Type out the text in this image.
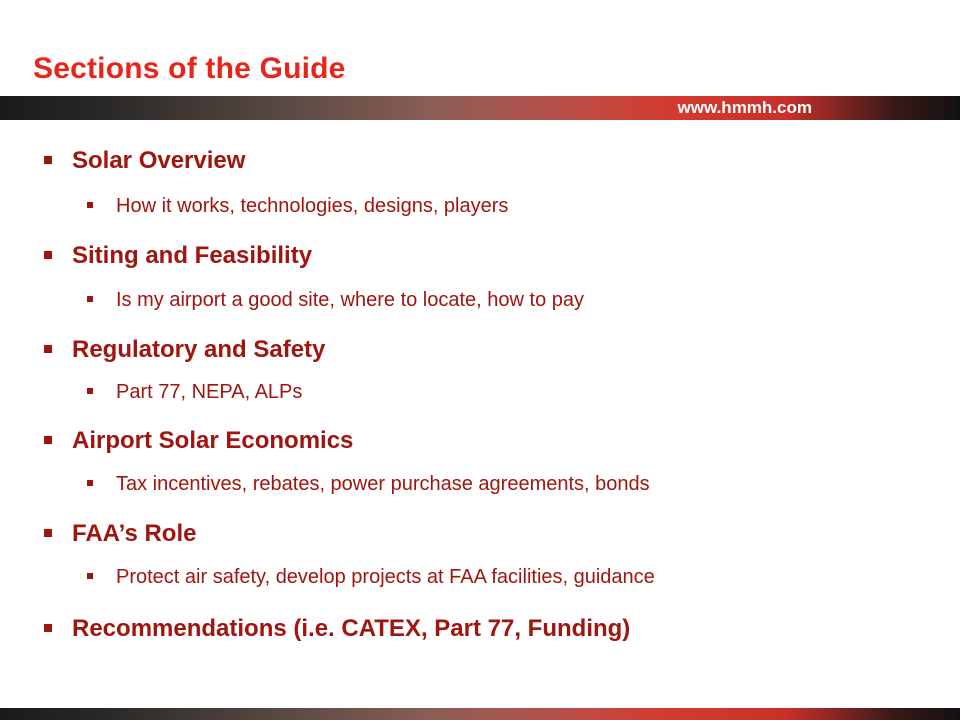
Sections of the Guide
www.hmmh.com
Solar Overview
How it works, technologies, designs, players
Siting and Feasibility
Is my airport a good site, where to locate, how to pay
Regulatory and Safety
Part 77, NEPA, ALPs
Airport Solar Economics
Tax incentives, rebates, power purchase agreements, bonds
FAA’s Role
Protect air safety, develop projects at FAA facilities, guidance
Recommendations (i.e. CATEX, Part 77, Funding)
